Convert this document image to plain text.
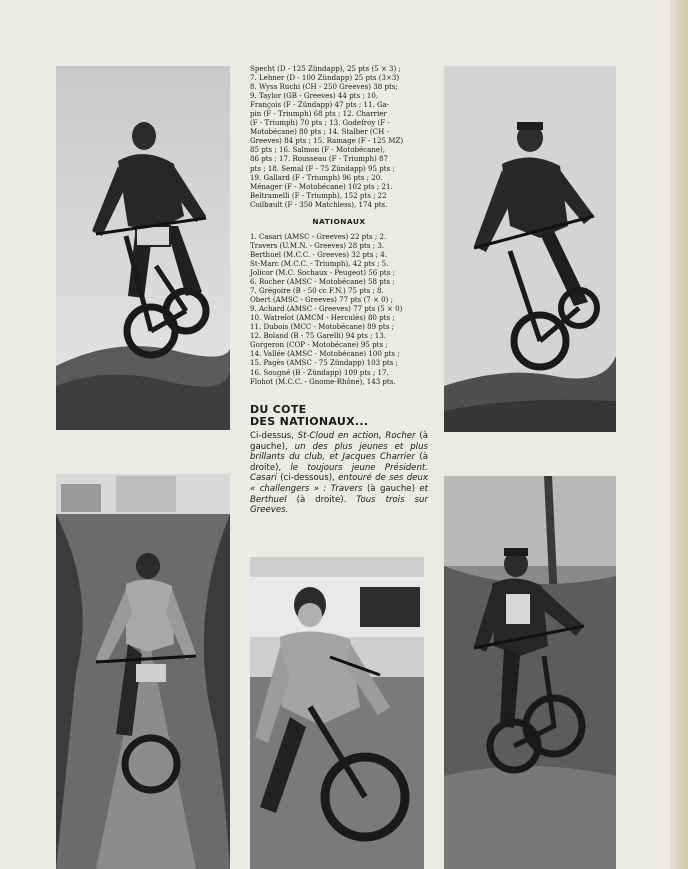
Specht (D - 125 Zündapp), 25 pts (5 × 3) ;
7. Lehner (D - 100 Zündapp) 25 pts (3×3)
8. Wyss Ruchi (CH - 250 Greeves) 38 pts;
9. Taylor (GB - Greeves) 44 pts ; 10.
François (F - Zündapp) 47 pts ; 11. Ga-
pin (F - Triumph) 68 pts ; 12. Charrier
(F - Triumph) 70 pts ; 13. Godefroy (F -
Motobécane) 80 pts ; 14. Stalber (CH -
Greeves) 84 pts ; 15. Ramage (F - 125 MZ)
85 pts ; 16. Salmon (F - Motobécane),
86 pts ; 17. Rousseau (F - Triumph) 87
pts ; 18. Semal (F - 75 Zündapp) 95 pts ;
19. Gallard (F - Triumph) 96 pts ; 20.
Ménager (F - Motobécane) 102 pts ; 21.
Beltramelli (F - Triumph), 152 pts ; 22
Coilbault (F - 350 Matchless), 174 pts.

NATIONAUX

1. Casari (AMSC - Greeves) 22 pts ; 2.
Travers (U.M.N. - Greeves) 28 pts ; 3.
Berthuel (M.C.C. - Greeves) 32 pts ; 4.
St-Marc (M.C.C. - Triumph), 42 pts ; 5.
Jolicor (M.C. Sochaux - Peugeot) 56 pts ;
6. Rocher (AMSC - Motobécane) 58 pts ;
7. Grégoire (B - 50 cc F.N.) 75 pts ; 8.
Obert (AMSC - Greeves) 77 pts (7 × 0) ;
9. Achard (AMSC - Greeves) 77 pts (5 × 0)
10. Watrelot (AMCM - Herculès) 80 pts ;
11. Dubois (MCC - Motobécane) 89 pts ;
12. Boland (B - 75 Garelli) 94 pts ; 13.
Gorgeron (COP - Motobécane) 95 pts ;
14. Vallée (AMSC - Motobécane) 100 pts ;
15. Pagès (AMSC - 75 Zündapp) 103 pts ;
16. Sougné (B - Zündapp) 109 pts ; 17.
Flohot (M.C.C. - Gnome-Rhône), 143 pts.

DU COTE
DES NATIONAUX...
Ci-dessus, St-Cloud en action, Rocher (à gauche), un des plus jeunes et plus brillants du club, et Jacques Charrier (à droite), le toujours jeune Président. Casari (ci-dessous), entouré de ses deux « challengers » : Travers (à gauche) et Berthuel (à droite). Tous trois sur Greeves.
